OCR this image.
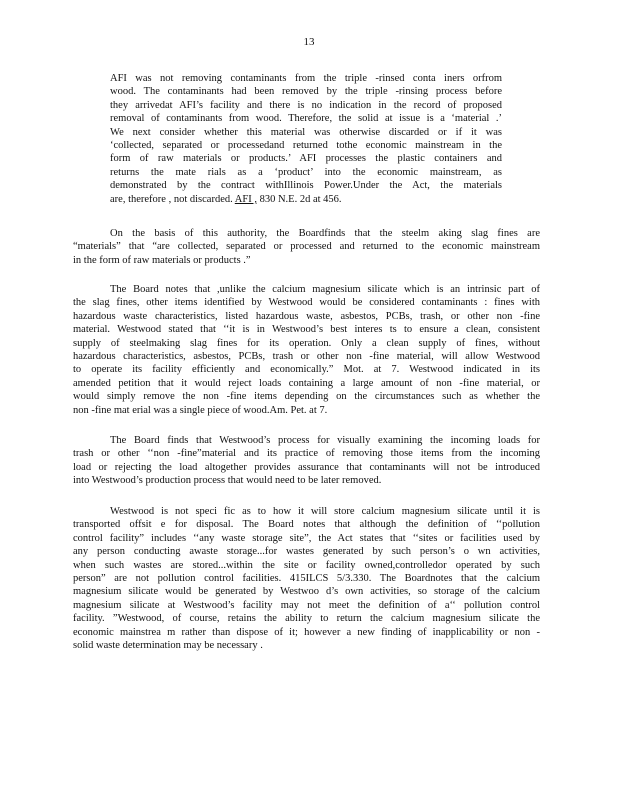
13
AFI was not removing contaminants from the triple -rinsed conta iners orfrom
wood. The contaminants had been removed by the triple -rinsing process before
they arrivedat AFI’s facility and there is no indication in the record of proposed
removal of contaminants from wood. Therefore, the solid at issue is a ‘material .’
We next consider whether this material was otherwise discarded or if it was
‘collected, separated or processedand returned tothe economic mainstream in the
form of raw materials or products.’ AFI processes the plastic containers and
returns the mate rials as a ‘product’ into the economic mainstream, as
demonstrated by the contract withIllinois Power.Under the Act, the materials
are, therefore , not discarded. AFI , 830 N.E. 2d at 456.
On the basis of this authority, the Boardfinds that the steelm aking slag fines are
“materials” that “are collected, separated or processed and returned to the economic mainstream
in the form of raw materials or products .”
The Board notes that ,unlike the calcium magnesium silicate which is an intrinsic part of
the slag fines, other items identified by Westwood would be considered contaminants : fines with
hazardous waste characteristics, listed hazardous waste, asbestos, PCBs, trash, or other non -fine
material. Westwood stated that ‘‘it is in Westwood’s best interes ts to ensure a clean, consistent
supply of steelmaking slag fines for its operation. Only a clean supply of fines, without
hazardous characteristics, asbestos, PCBs, trash or other non -fine material, will allow Westwood
to operate its facility efficiently and economically.” Mot. at 7. Westwood indicated in its
amended petition that it would reject loads containing a large amount of non -fine material, or
would simply remove the non -fine items depending on the circumstances such as whether the
non -fine mat erial was a single piece of wood.Am. Pet. at 7.
The Board finds that Westwood’s process for visually examining the incoming loads for
trash or other ‘‘non -fine”material and its practice of removing those items from the incoming
load or rejecting the load altogether provides assurance that contaminants will not be introduced
into Westwood’s production process that would need to be later removed.
Westwood is not speci fic as to how it will store calcium magnesium silicate until it is
transported offsit e for disposal. The Board notes that although the definition of ‘‘pollution
control facility” includes ‘‘any waste storage site”, the Act states that ‘‘sites or facilities used by
any person conducting awaste storage...for wastes generated by such person’s o wn activities,
when such wastes are stored...within the site or facility owned,controlledor operated by such
person” are not pollution control facilities. 415ILCS 5/3.330. The Boardnotes that the calcium
magnesium silicate would be generated by Westwoo d’s own activities, so storage of the calcium
magnesium silicate at Westwood’s facility may not meet the definition of a‘‘ pollution control
facility. ”Westwood, of course, retains the ability to return the calcium magnesium silicate the
economic mainstrea m rather than dispose of it; however a new finding of inapplicability or non -
solid waste determination may be necessary .
